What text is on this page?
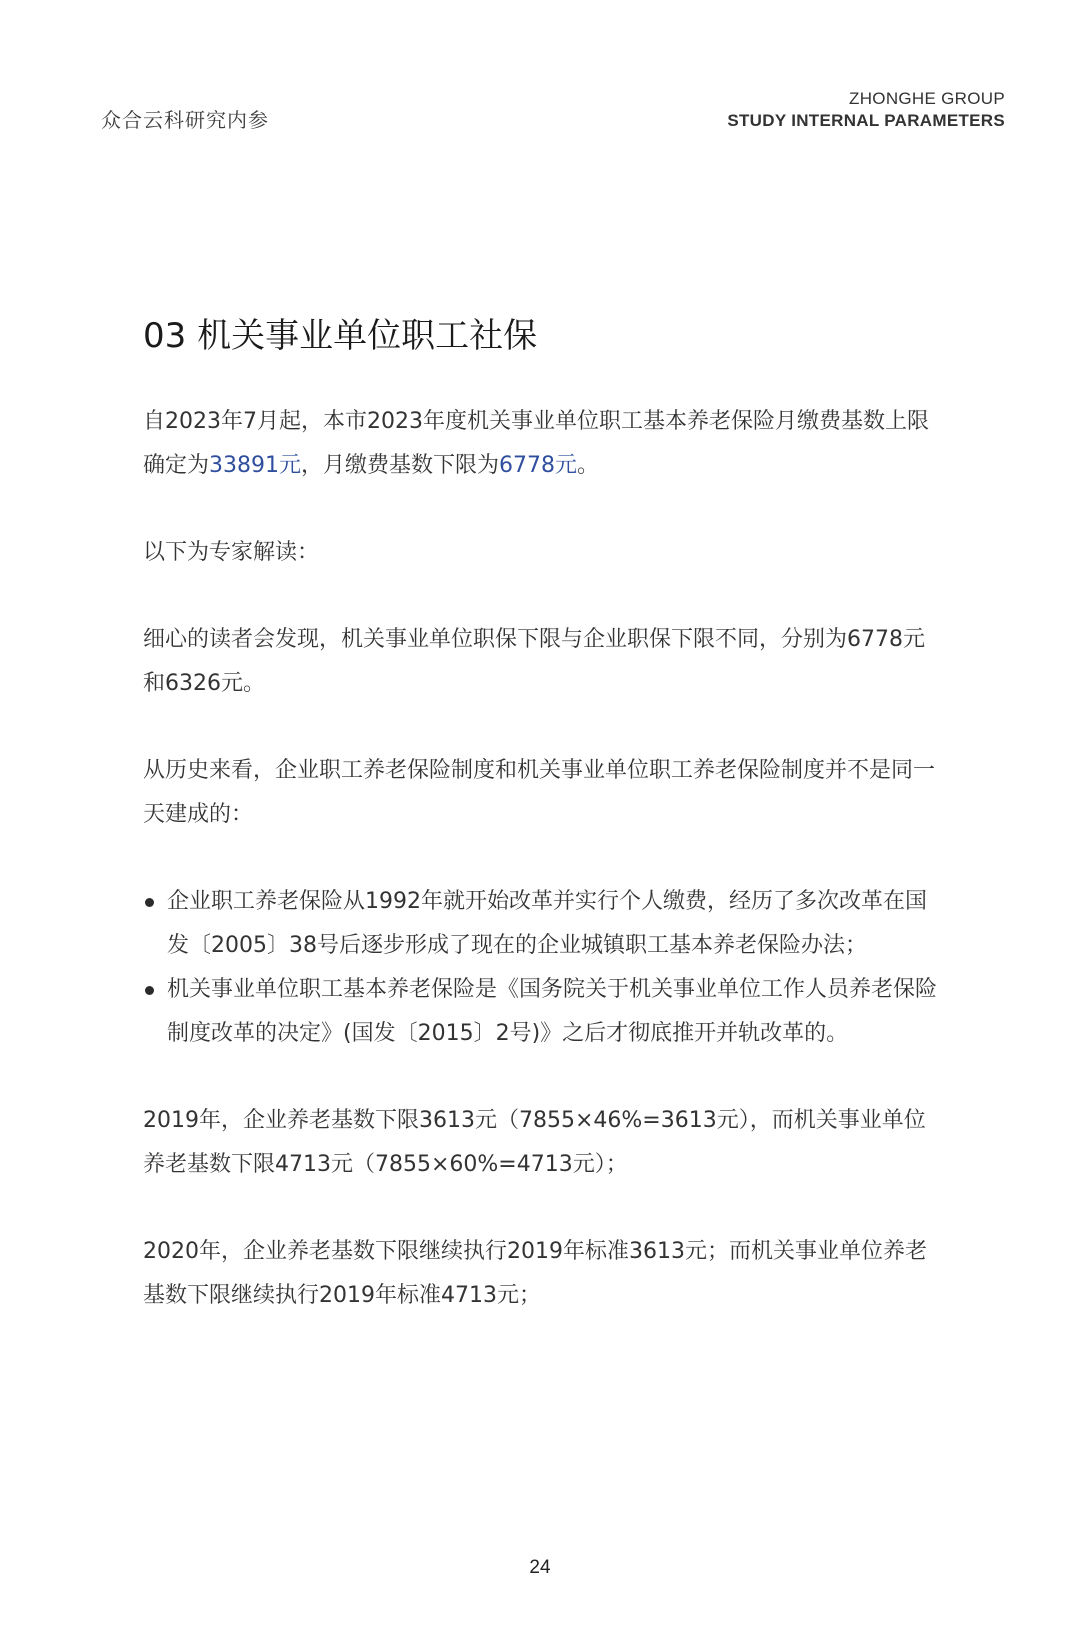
众合云科研究内参
ZHONGHE GROUP
STUDY INTERNAL PARAMETERS
03 机关事业单位职工社保

自2023年7月起，本市2023年度机关事业单位职工基本养老保险月缴费基数上限确定为33891元，月缴费基数下限为6778元。

以下为专家解读：

细心的读者会发现，机关事业单位职保下限与企业职保下限不同，分别为6778元和6326元。

从历史来看，企业职工养老保险制度和机关事业单位职工养老保险制度并不是同一天建成的：

企业职工养老保险从1992年就开始改革并实行个人缴费，经历了多次改革在国发〔2005〕38号后逐步形成了现在的企业城镇职工基本养老保险办法；
机关事业单位职工基本养老保险是《国务院关于机关事业单位工作人员养老保险制度改革的决定》(国发〔2015〕2号)》之后才彻底推开并轨改革的。

2019年，企业养老基数下限3613元（7855×46%=3613元），而机关事业单位养老基数下限4713元（7855×60%=4713元）；

2020年，企业养老基数下限继续执行2019年标准3613元；而机关事业单位养老基数下限继续执行2019年标准4713元；

24
